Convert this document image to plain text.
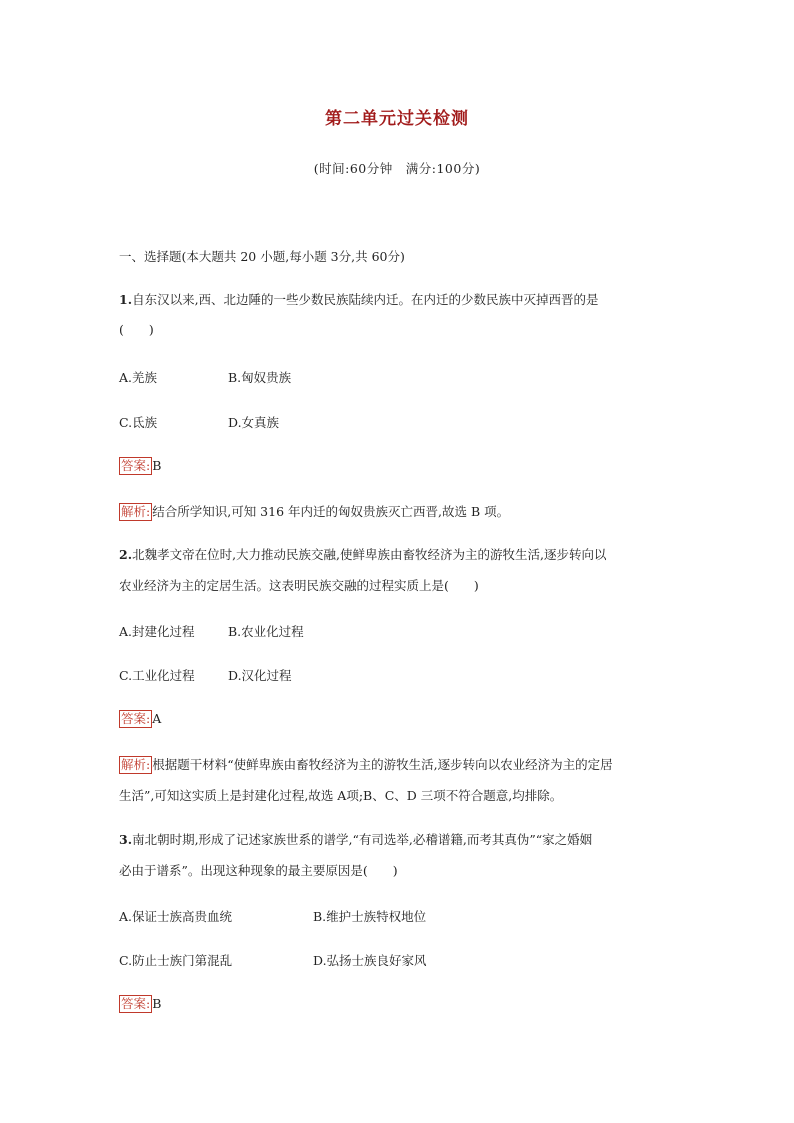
第二单元过关检测
(时间:60分钟　满分:100分)
一、选择题(本大题共 20 小题,每小题 3分,共 60分)
1.自东汉以来,西、北边陲的一些少数民族陆续内迁。在内迁的少数民族中灭掉西晋的是
(　　)
A.羌族	B.匈奴贵族
C.氐族	D.女真族
答案: B
解析: 结合所学知识,可知 316 年内迁的匈奴贵族灭亡西晋,故选 B 项。
2.北魏孝文帝在位时,大力推动民族交融,使鲜卑族由畜牧经济为主的游牧生活,逐步转向以
农业经济为主的定居生活。这表明民族交融的过程实质上是(　　)
A.封建化过程	B.农业化过程
C.工业化过程	D.汉化过程
答案: A
解析: 根据题干材料“使鲜卑族由畜牧经济为主的游牧生活,逐步转向以农业经济为主的定居
生活”,可知这实质上是封建化过程,故选 A项;B、C、D 三项不符合题意,均排除。
3.南北朝时期,形成了记述家族世系的谱学,“有司选举,必稽谱籍,而考其真伪”“家之婚姻
必由于谱系”。出现这种现象的最主要原因是(　　)
A.保证士族高贵血统	B.维护士族特权地位
C.防止士族门第混乱	D.弘扬士族良好家风
答案: B
